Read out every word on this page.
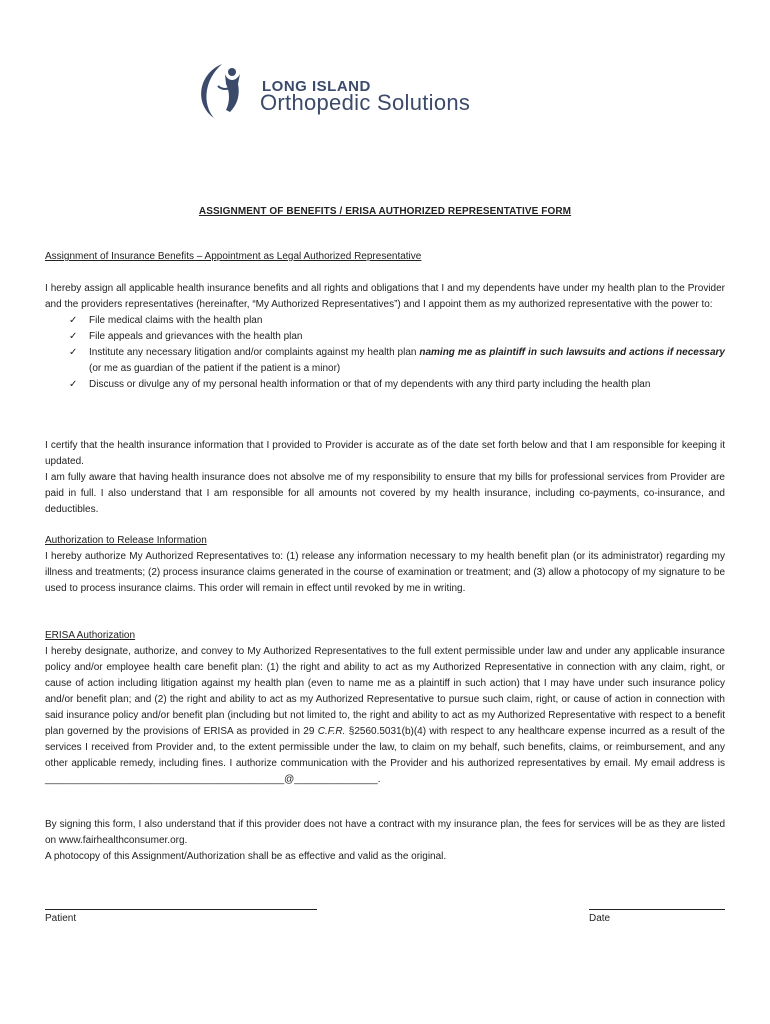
LONG ISLAND
Orthopedic Solutions
ASSIGNMENT OF BENEFITS / ERISA AUTHORIZED REPRESENTATIVE FORM
Assignment of Insurance Benefits – Appointment as Legal Authorized Representative
I hereby assign all applicable health insurance benefits and all rights and obligations that I and my dependents have under my health plan to the Provider and the providers representatives (hereinafter, “My Authorized Representatives”) and I appoint them as my authorized representative with the power to:
✓ File medical claims with the health plan
✓ File appeals and grievances with the health plan
✓ Institute any necessary litigation and/or complaints against my health plan naming me as plaintiff in such lawsuits and actions if necessary (or me as guardian of the patient if the patient is a minor)
✓ Discuss or divulge any of my personal health information or that of my dependents with any third party including the health plan
I certify that the health insurance information that I provided to Provider is accurate as of the date set forth below and that I am responsible for keeping it updated.
I am fully aware that having health insurance does not absolve me of my responsibility to ensure that my bills for professional services from Provider are paid in full. I also understand that I am responsible for all amounts not covered by my health insurance, including co-payments, co-insurance, and deductibles.
Authorization to Release Information
I hereby authorize My Authorized Representatives to: (1) release any information necessary to my health benefit plan (or its administrator) regarding my illness and treatments; (2) process insurance claims generated in the course of examination or treatment; and (3) allow a photocopy of my signature to be used to process insurance claims. This order will remain in effect until revoked by me in writing.
ERISA Authorization
I hereby designate, authorize, and convey to My Authorized Representatives to the full extent permissible under law and under any applicable insurance policy and/or employee health care benefit plan: (1) the right and ability to act as my Authorized Representative in connection with any claim, right, or cause of action including litigation against my health plan (even to name me as a plaintiff in such action) that I may have under such insurance policy and/or benefit plan; and (2) the right and ability to act as my Authorized Representative to pursue such claim, right, or cause of action in connection with said insurance policy and/or benefit plan (including but not limited to, the right and ability to act as my Authorized Representative with respect to a benefit plan governed by the provisions of ERISA as provided in 29 C.F.R. §2560.5031(b)(4) with respect to any healthcare expense incurred as a result of the services I received from Provider and, to the extent permissible under the law, to claim on my behalf, such benefits, claims, or reimbursement, and any other applicable remedy, including fines. I authorize communication with the Provider and his authorized representatives by email. My email address is ___________________________________________@_______________.
By signing this form, I also understand that if this provider does not have a contract with my insurance plan, the fees for services will be as they are listed on www.fairhealthconsumer.org.
A photocopy of this Assignment/Authorization shall be as effective and valid as the original.
Patient	Date
